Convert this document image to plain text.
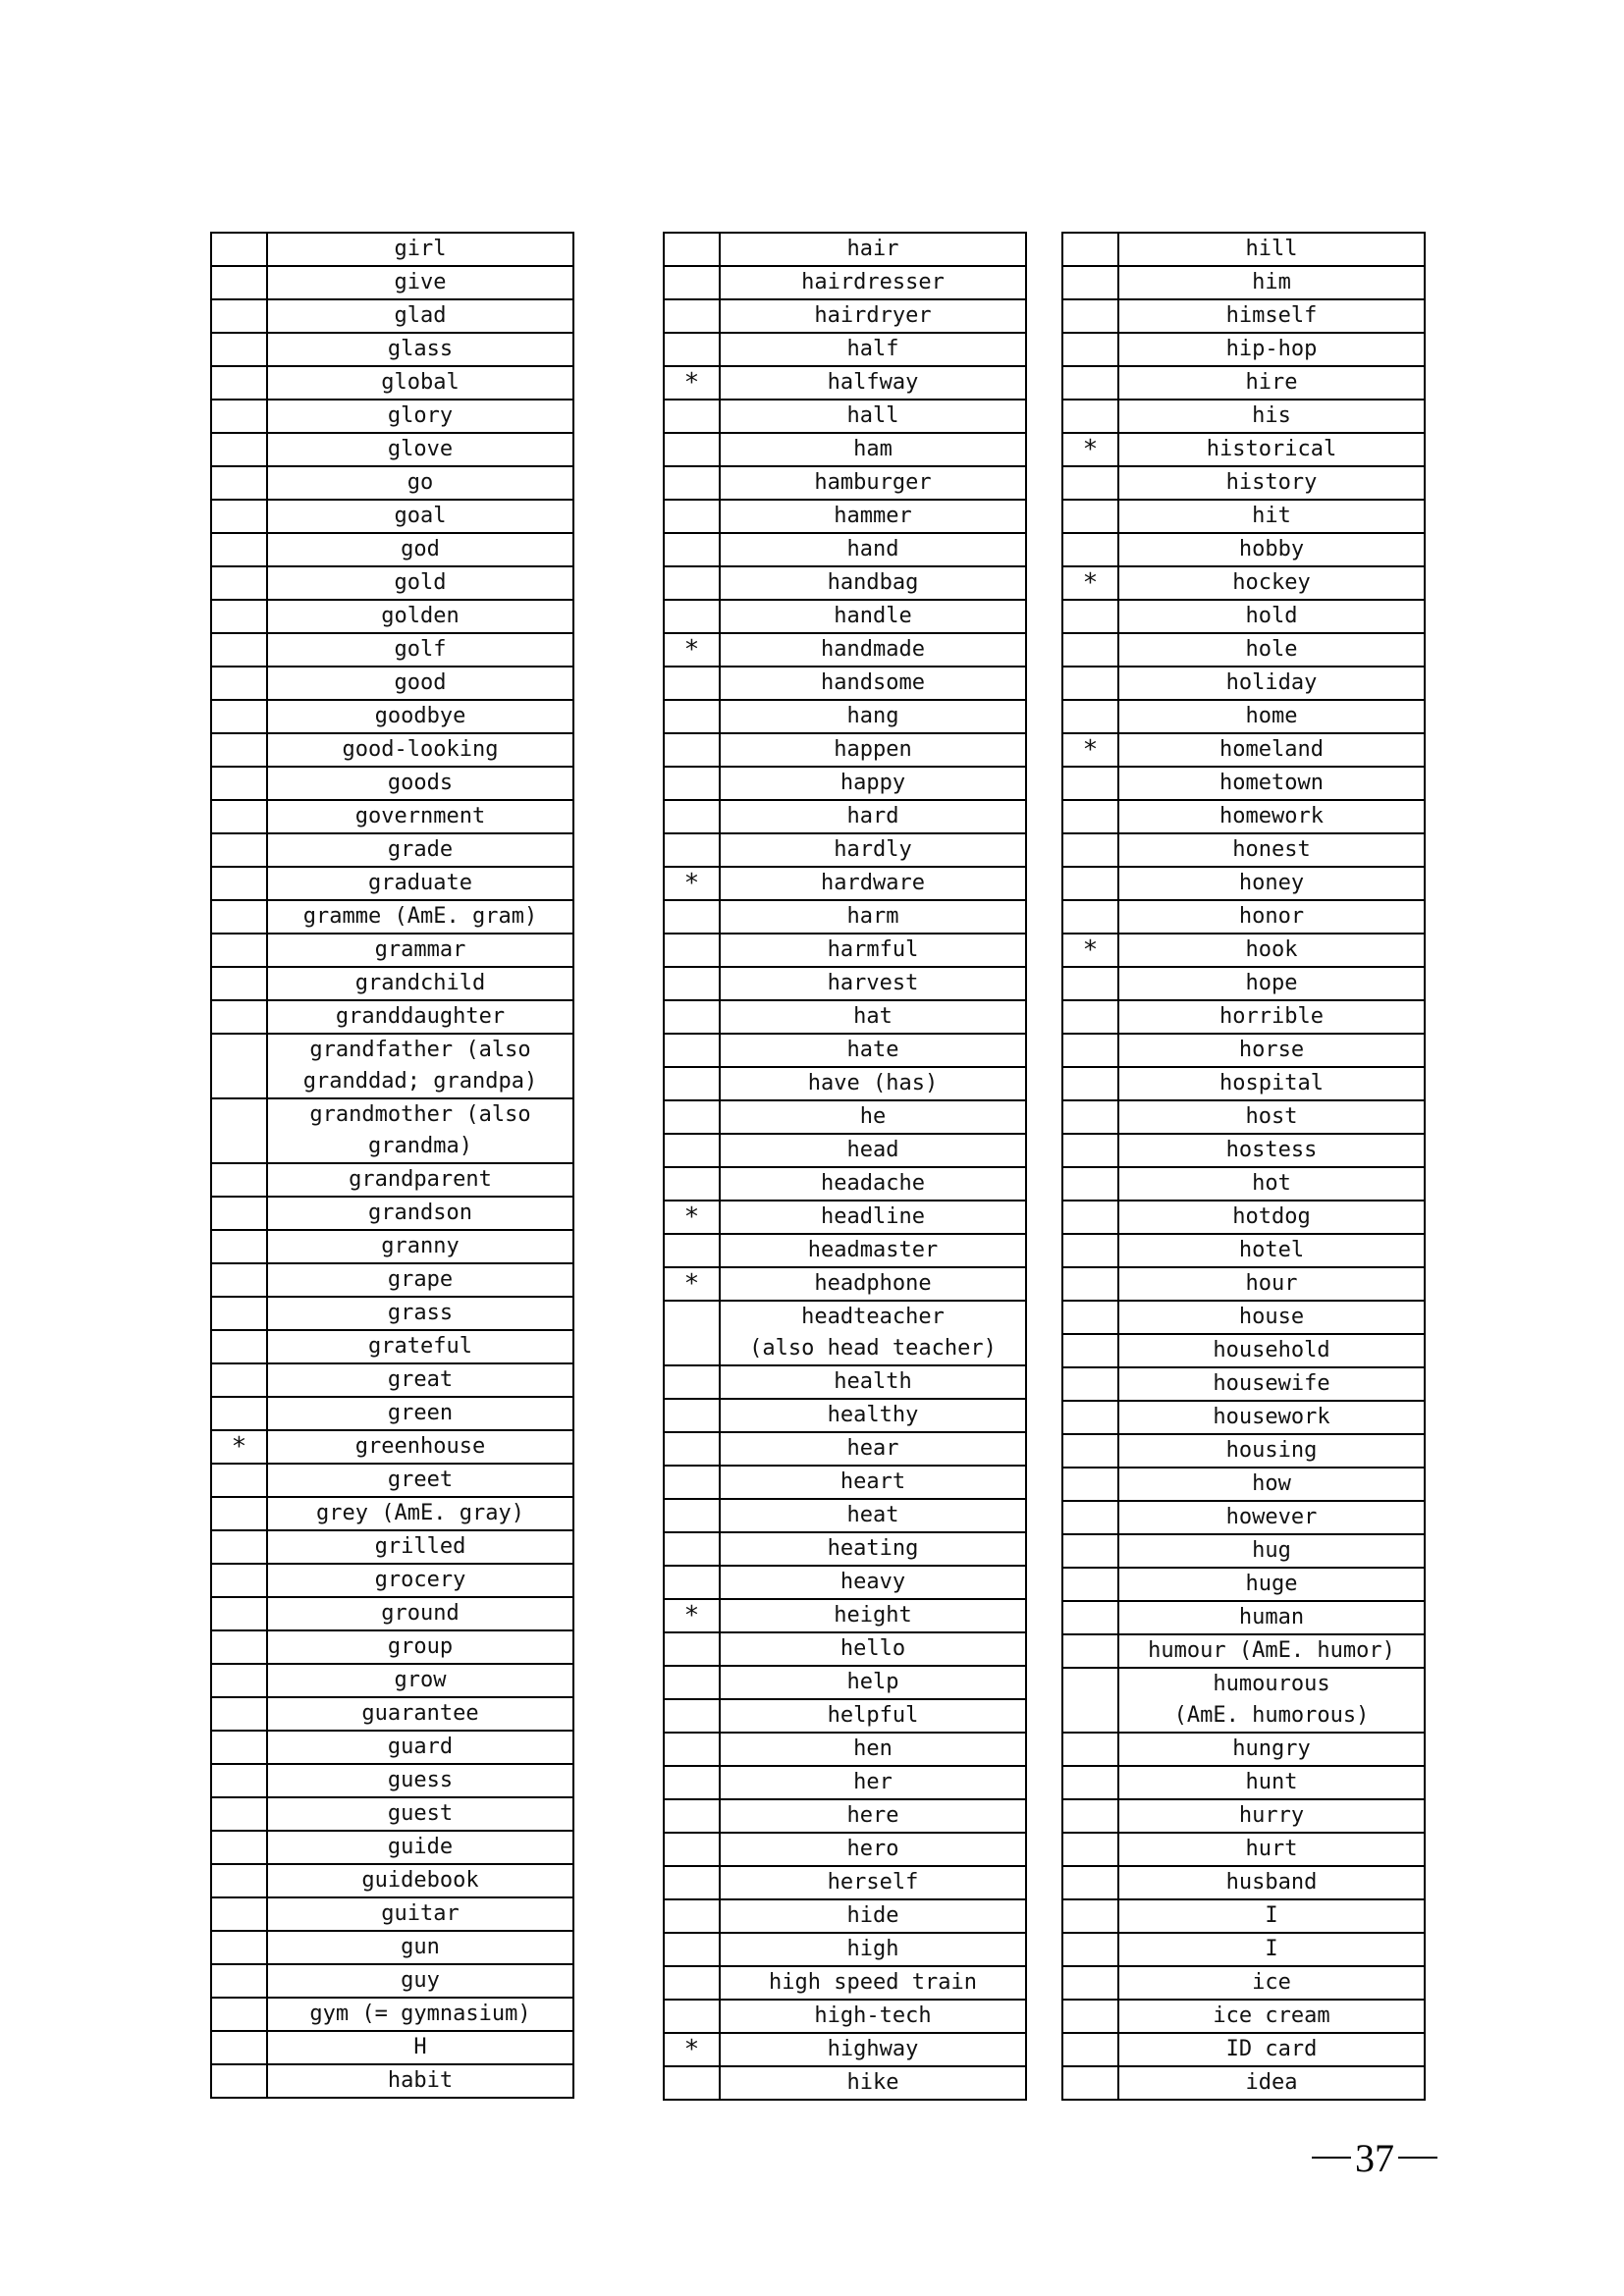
	girl
	give
	glad
	glass
	global
	glory
	glove
	go
	goal
	god
	gold
	golden
	golf
	good
	goodbye
	good-looking
	goods
	government
	grade
	graduate
	gramme (AmE. gram)
	grammar
	grandchild
	granddaughter
	grandfather (also
granddad; grandpa)
	grandmother (also
grandma)
	grandparent
	grandson
	granny
	grape
	grass
	grateful
	great
	green
*	greenhouse
	greet
	grey (AmE. gray)
	grilled
	grocery
	ground
	group
	grow
	guarantee
	guard
	guess
	guest
	guide
	guidebook
	guitar
	gun
	guy
	gym (= gymnasium)
	H
	habit
	hair
	hairdresser
	hairdryer
	half
*	halfway
	hall
	ham
	hamburger
	hammer
	hand
	handbag
	handle
*	handmade
	handsome
	hang
	happen
	happy
	hard
	hardly
*	hardware
	harm
	harmful
	harvest
	hat
	hate
	have (has)
	he
	head
	headache
*	headline
	headmaster
*	headphone
	headteacher
(also head teacher)
	health
	healthy
	hear
	heart
	heat
	heating
	heavy
*	height
	hello
	help
	helpful
	hen
	her
	here
	hero
	herself
	hide
	high
	high speed train
	high-tech
*	highway
	hike
	hill
	him
	himself
	hip-hop
	hire
	his
*	historical
	history
	hit
	hobby
*	hockey
	hold
	hole
	holiday
	home
*	homeland
	hometown
	homework
	honest
	honey
	honor
*	hook
	hope
	horrible
	horse
	hospital
	host
	hostess
	hot
	hotdog
	hotel
	hour
	house
	household
	housewife
	housework
	housing
	how
	however
	hug
	huge
	human
	humour (AmE. humor)
	humourous
(AmE. humorous)
	hungry
	hunt
	hurry
	hurt
	husband
	I
	I
	ice
	ice cream
	ID card
	idea
37
